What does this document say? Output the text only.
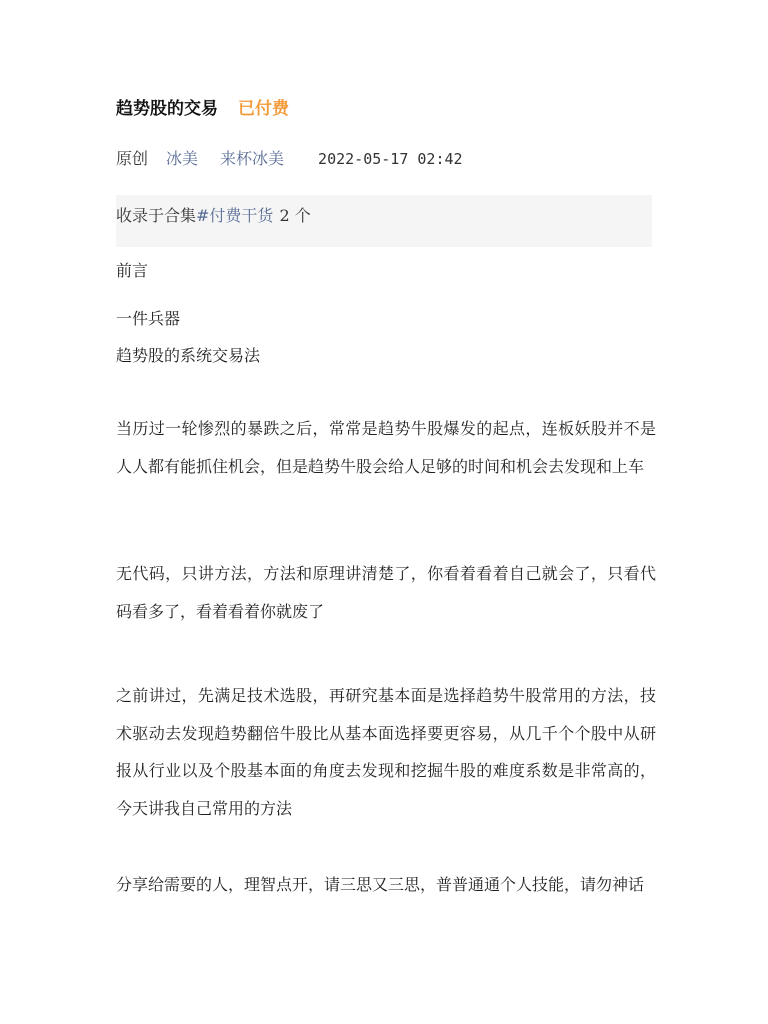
趋势股的交易 已付费
原创 冰美 来杯冰美 2022-05-17 02:42
收录于合集#付费干货 2 个
前言
一件兵器
趋势股的系统交易法
当历过一轮惨烈的暴跌之后，常常是趋势牛股爆发的起点，连板妖股并不是人人都有能抓住机会，但是趋势牛股会给人足够的时间和机会去发现和上车
无代码，只讲方法，方法和原理讲清楚了，你看着看着自己就会了，只看代码看多了，看着看着你就废了
之前讲过，先满足技术选股，再研究基本面是选择趋势牛股常用的方法，技术驱动去发现趋势翻倍牛股比从基本面选择要更容易，从几千个个股中从研报从行业以及个股基本面的角度去发现和挖掘牛股的难度系数是非常高的，今天讲我自己常用的方法
分享给需要的人，理智点开，请三思又三思，普普通通个人技能，请勿神话
